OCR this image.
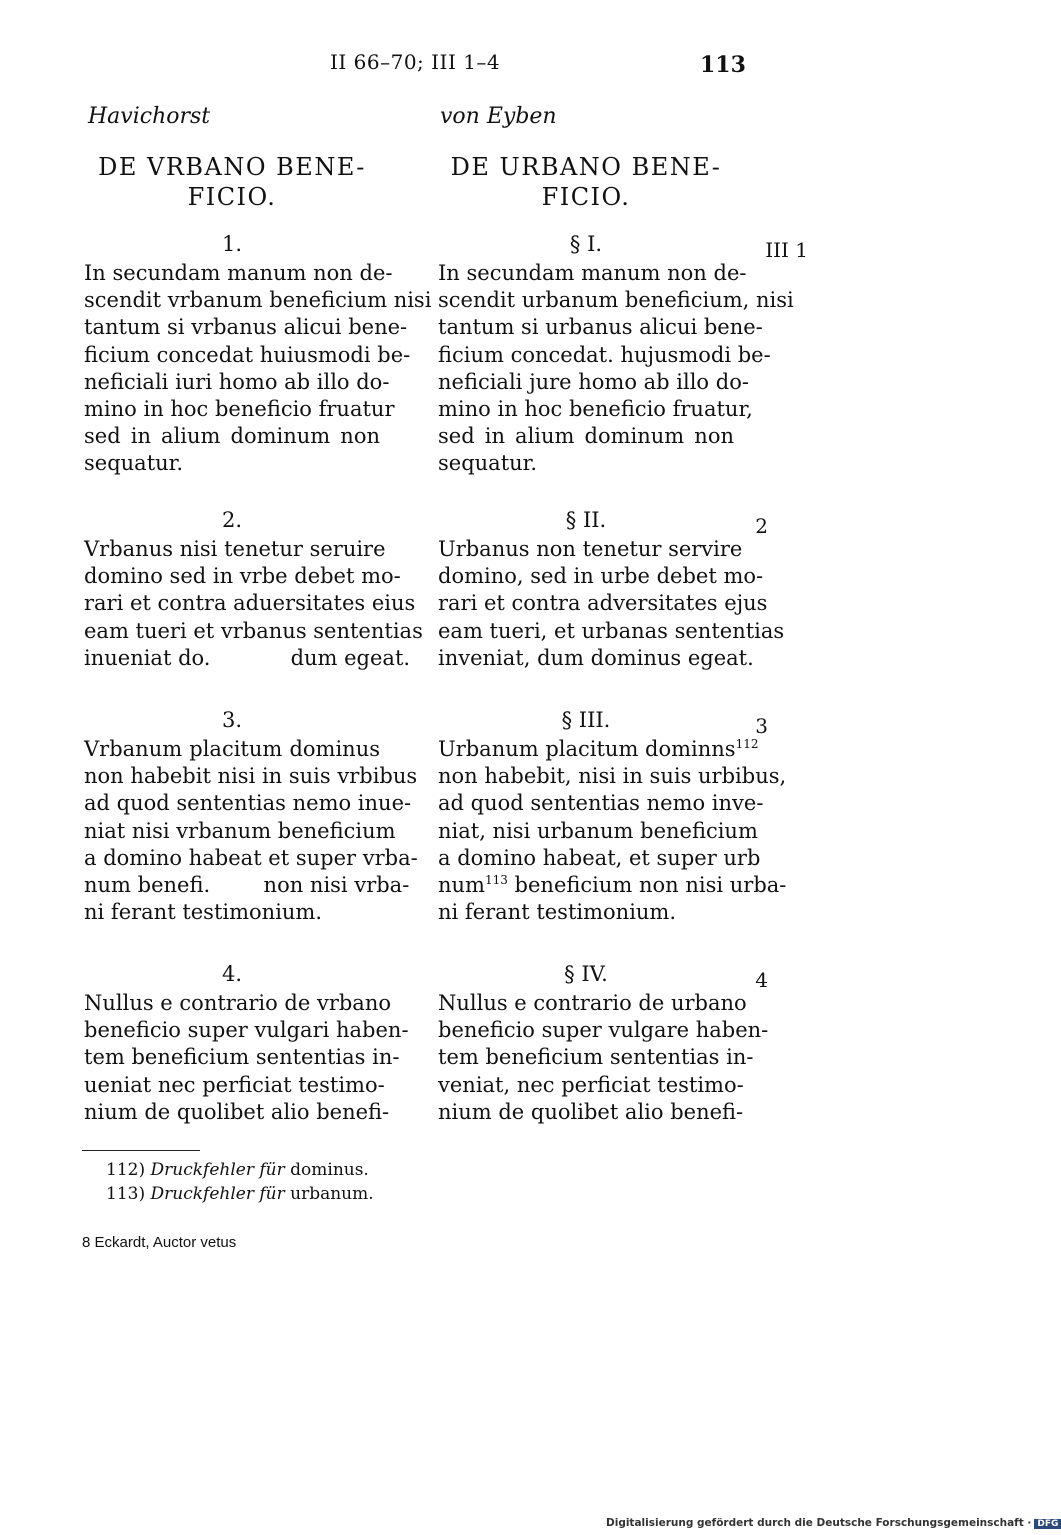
II 66–70; III 1–4	113
Havichorst	von Eyben
DE VRBANO BENE-
FICIO.
DE URBANO BENE-
FICIO.
1.
In secundam manum non de-
scendit vrbanum beneficium nisi
tantum si vrbanus alicui bene-
ficium concedat huiusmodi be-
neficiali iuri homo ab illo do-
mino in hoc beneficio fruatur
sed in alium dominum non
sequatur.
2.
Vrbanus nisi tenetur seruire
domino sed in vrbe debet mo-
rari et contra aduersitates eius
eam tueri et vrbanus sententias
inueniat do.            dum egeat.
3.
Vrbanum placitum dominus
non habebit nisi in suis vrbibus
ad quod sententias nemo inue-
niat nisi vrbanum beneficium
a domino habeat et super vrba-
num benefi.        non nisi vrba-
ni ferant testimonium.
4.
Nullus e contrario de vrbano
beneficio super vulgari haben-
tem beneficium sententias in-
ueniat nec perficiat testimo-
nium de quolibet alio benefi-
§ I.
In secundam manum non de-
scendit urbanum beneficium, nisi
tantum si urbanus alicui bene-
ficium concedat. hujusmodi be-
neficiali jure homo ab illo do-
mino in hoc beneficio fruatur,
sed in alium dominum non
sequatur.
§ II.
Urbanus non tenetur servire
domino, sed in urbe debet mo-
rari et contra adversitates ejus
eam tueri, et urbanas sententias
inveniat, dum dominus egeat.
§ III.
Urbanum placitum dominns$^{112}$
non habebit, nisi in suis urbibus,
ad quod sententias nemo inve-
niat, nisi urbanum beneficium
a domino habeat, et super urb
num$^{113}$ beneficium non nisi urba-
ni ferant testimonium.
§ IV.
Nullus e contrario de urbano
beneficio super vulgare haben-
tem beneficium sententias in-
veniat, nec perficiat testimo-
nium de quolibet alio benefi-
III 1
2
3
4
112) Druckfehler für dominus.
113) Druckfehler für urbanum.
8 Eckardt, Auctor vetus
Digitalisierung gefördert durch die Deutsche Forschungsgemeinschaft · DFG
